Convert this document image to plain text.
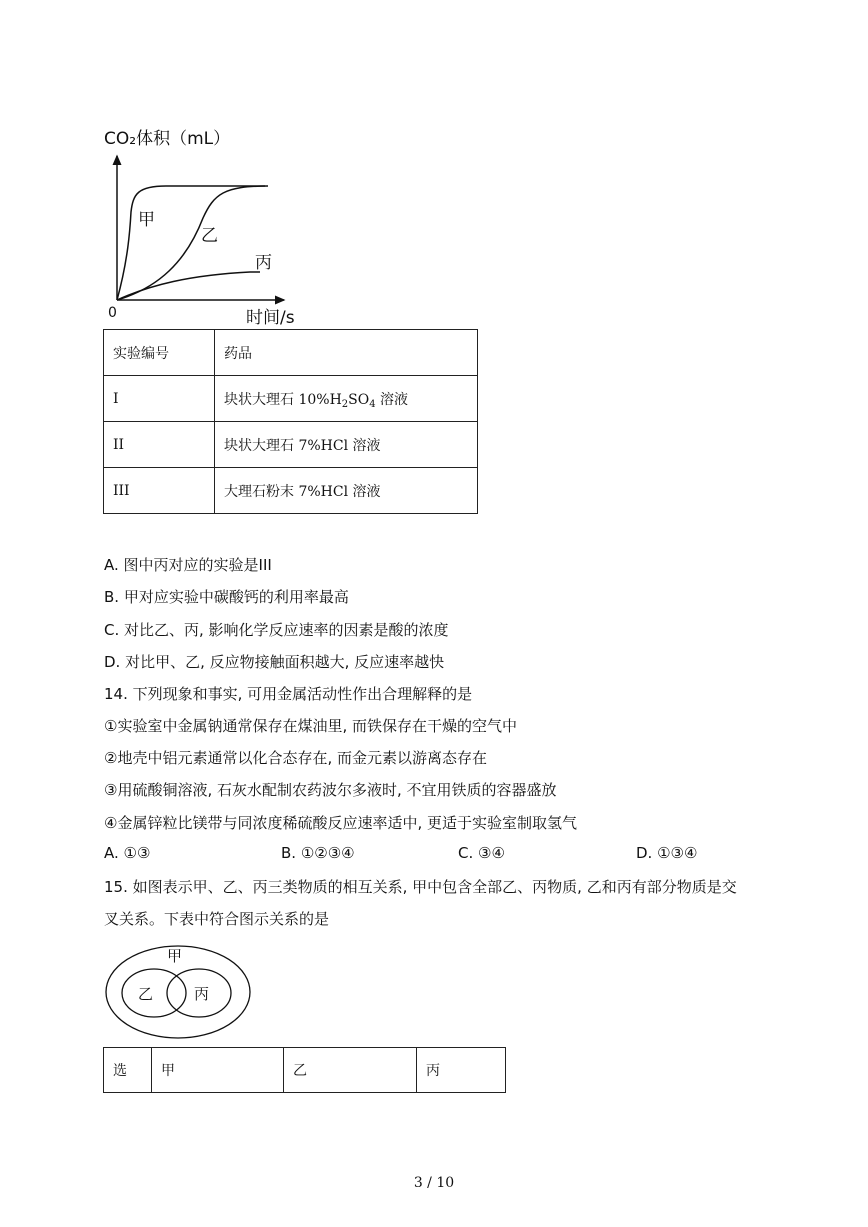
CO₂体积（mL）
时间/s
0
甲
乙
丙
实验编号	药品
I	块状大理石 $10\%H_2SO_4$ 溶液
II	块状大理石 7%HCl 溶液
III	大理石粉末 7%HCl 溶液
A. 图中丙对应的实验是III
B. 甲对应实验中碳酸钙的利用率最高
C. 对比乙、丙, 影响化学反应速率的因素是酸的浓度
D. 对比甲、乙, 反应物接触面积越大, 反应速率越快
14. 下列现象和事实, 可用金属活动性作出合理解释的是
①实验室中金属钠通常保存在煤油里, 而铁保存在干燥的空气中
②地壳中铝元素通常以化合态存在, 而金元素以游离态存在
③用硫酸铜溶液, 石灰水配制农药波尔多液时, 不宜用铁质的容器盛放
④金属锌粒比镁带与同浓度稀硫酸反应速率适中, 更适于实验室制取氢气
A. ①③	B. ①②③④	C. ③④	D. ①③④
15. 如图表示甲、乙、丙三类物质的相互关系, 甲中包含全部乙、丙物质, 乙和丙有部分物质是交
叉关系。下表中符合图示关系的是
甲
乙	丙
选	甲	乙	丙
3 / 10
